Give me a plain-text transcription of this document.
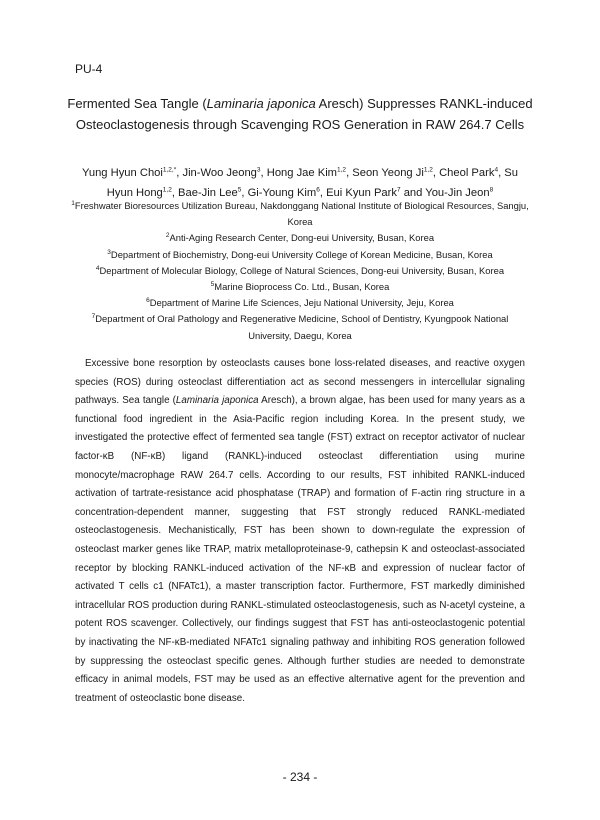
PU-4
Fermented Sea Tangle (Laminaria japonica Aresch) Suppresses RANKL-induced
Osteoclastogenesis through Scavenging ROS Generation in RAW 264.7 Cells
Yung Hyun Choi$^{1,2,*}$, Jin-Woo Jeong$^3$, Hong Jae Kim$^{1,2}$, Seon Yeong Ji$^{1,2}$, Cheol Park$^4$, Su Hyun Hong$^{1,2}$, Bae-Jin Lee$^5$, Gi-Young Kim$^6$, Eui Kyun Park$^7$ and You-Jin Jeon$^8$
$^1$Freshwater Bioresources Utilization Bureau, Nakdonggang National Institute of Biological Resources, Sangju, Korea
$^2$Anti-Aging Research Center, Dong-eui University, Busan, Korea
$^3$Department of Biochemistry, Dong-eui University College of Korean Medicine, Busan, Korea
$^4$Department of Molecular Biology, College of Natural Sciences, Dong-eui University, Busan, Korea
$^5$Marine Bioprocess Co. Ltd., Busan, Korea
$^6$Department of Marine Life Sciences, Jeju National University, Jeju, Korea
$^7$Department of Oral Pathology and Regenerative Medicine, School of Dentistry, Kyungpook National University, Daegu, Korea
Excessive bone resorption by osteoclasts causes bone loss-related diseases, and reactive oxygen species (ROS) during osteoclast differentiation act as second messengers in intercellular signaling pathways. Sea tangle (Laminaria japonica Aresch), a brown algae, has been used for many years as a functional food ingredient in the Asia-Pacific region including Korea. In the present study, we investigated the protective effect of fermented sea tangle (FST) extract on receptor activator of nuclear factor-κB (NF-κB) ligand (RANKL)-induced osteoclast differentiation using murine monocyte/macrophage RAW 264.7 cells. According to our results, FST inhibited RANKL-induced activation of tartrate-resistance acid phosphatase (TRAP) and formation of F-actin ring structure in a concentration-dependent manner, suggesting that FST strongly reduced RANKL-mediated osteoclastogenesis. Mechanistically, FST has been shown to down-regulate the expression of osteoclast marker genes like TRAP, matrix metalloproteinase-9, cathepsin K and osteoclast-associated receptor by blocking RANKL-induced activation of the NF-κB and expression of nuclear factor of activated T cells c1 (NFATc1), a master transcription factor. Furthermore, FST markedly diminished intracellular ROS production during RANKL-stimulated osteoclastogenesis, such as N-acetyl cysteine, a potent ROS scavenger. Collectively, our findings suggest that FST has anti-osteoclastogenic potential by inactivating the NF-κB-mediated NFATc1 signaling pathway and inhibiting ROS generation followed by suppressing the osteoclast specific genes. Although further studies are needed to demonstrate efficacy in animal models, FST may be used as an effective alternative agent for the prevention and treatment of osteoclastic bone disease.
- 234 -
